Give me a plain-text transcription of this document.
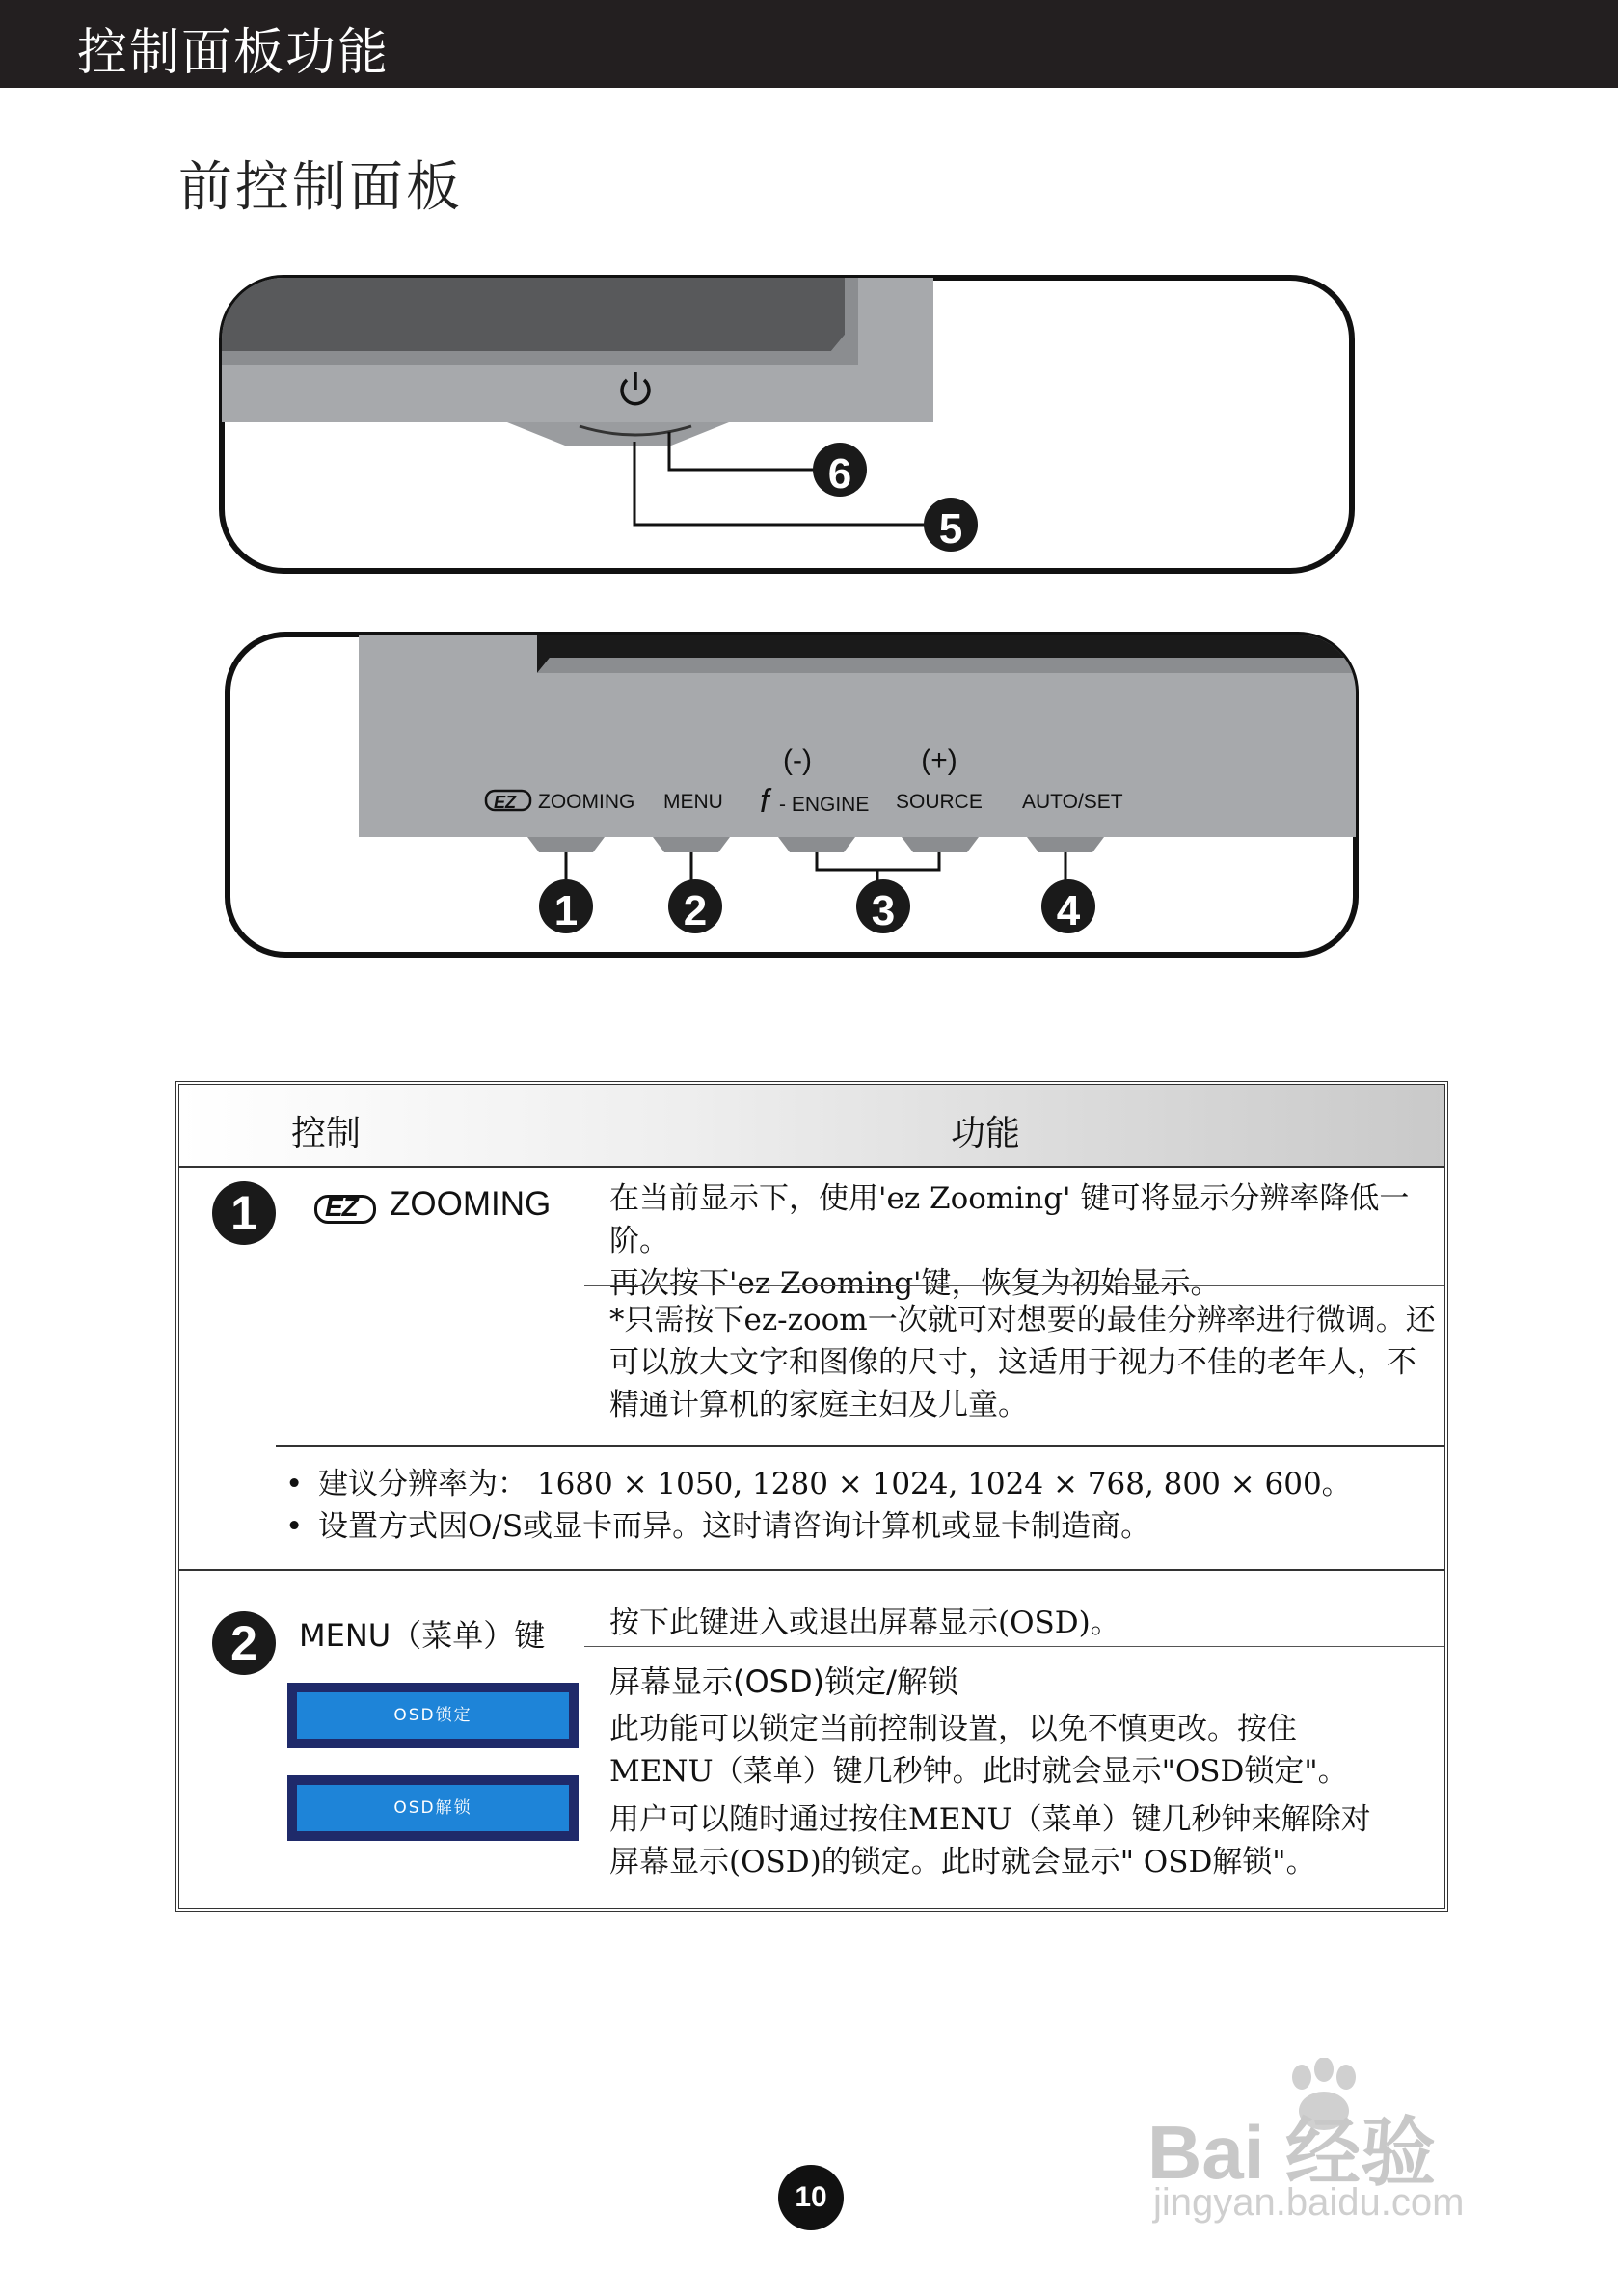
控制面板功能
前控制面板
6
5
EZ ZOOMING MENU f - ENGINE SOURCE AUTO/SET
(-)	(+)
1 2	3	4
控制	功能
1	EZ ZOOMING 在当前显示下，使用'ez Zooming' 键可将显示分辨率降低一阶。
再次按下'ez Zooming'键，恢复为初始显示。
*只需按下ez-zoom一次就可对想要的最佳分辨率进行微调。还
可以放大文字和图像的尺寸，这适用于视力不佳的老年人，不
精通计算机的家庭主妇及儿童。
• 建议分辨率为： 1680 × 1050, 1280 × 1024, 1024 × 768, 800 × 600。
• 设置方式因O/S或显卡而异。这时请咨询计算机或显卡制造商。
2	MENU（菜单）键
OSD锁定
OSD解锁
按下此键进入或退出屏幕显示(OSD)。
屏幕显示(OSD)锁定/解锁
此功能可以锁定当前控制设置，以免不慎更改。按住
MENU（菜单）键几秒钟。此时就会显示"OSD锁定"。
用户可以随时通过按住MENU（菜单）键几秒钟来解除对
屏幕显示(OSD)的锁定。此时就会显示" OSD解锁"。
10
Bai 经验
jingyan.baidu.com
